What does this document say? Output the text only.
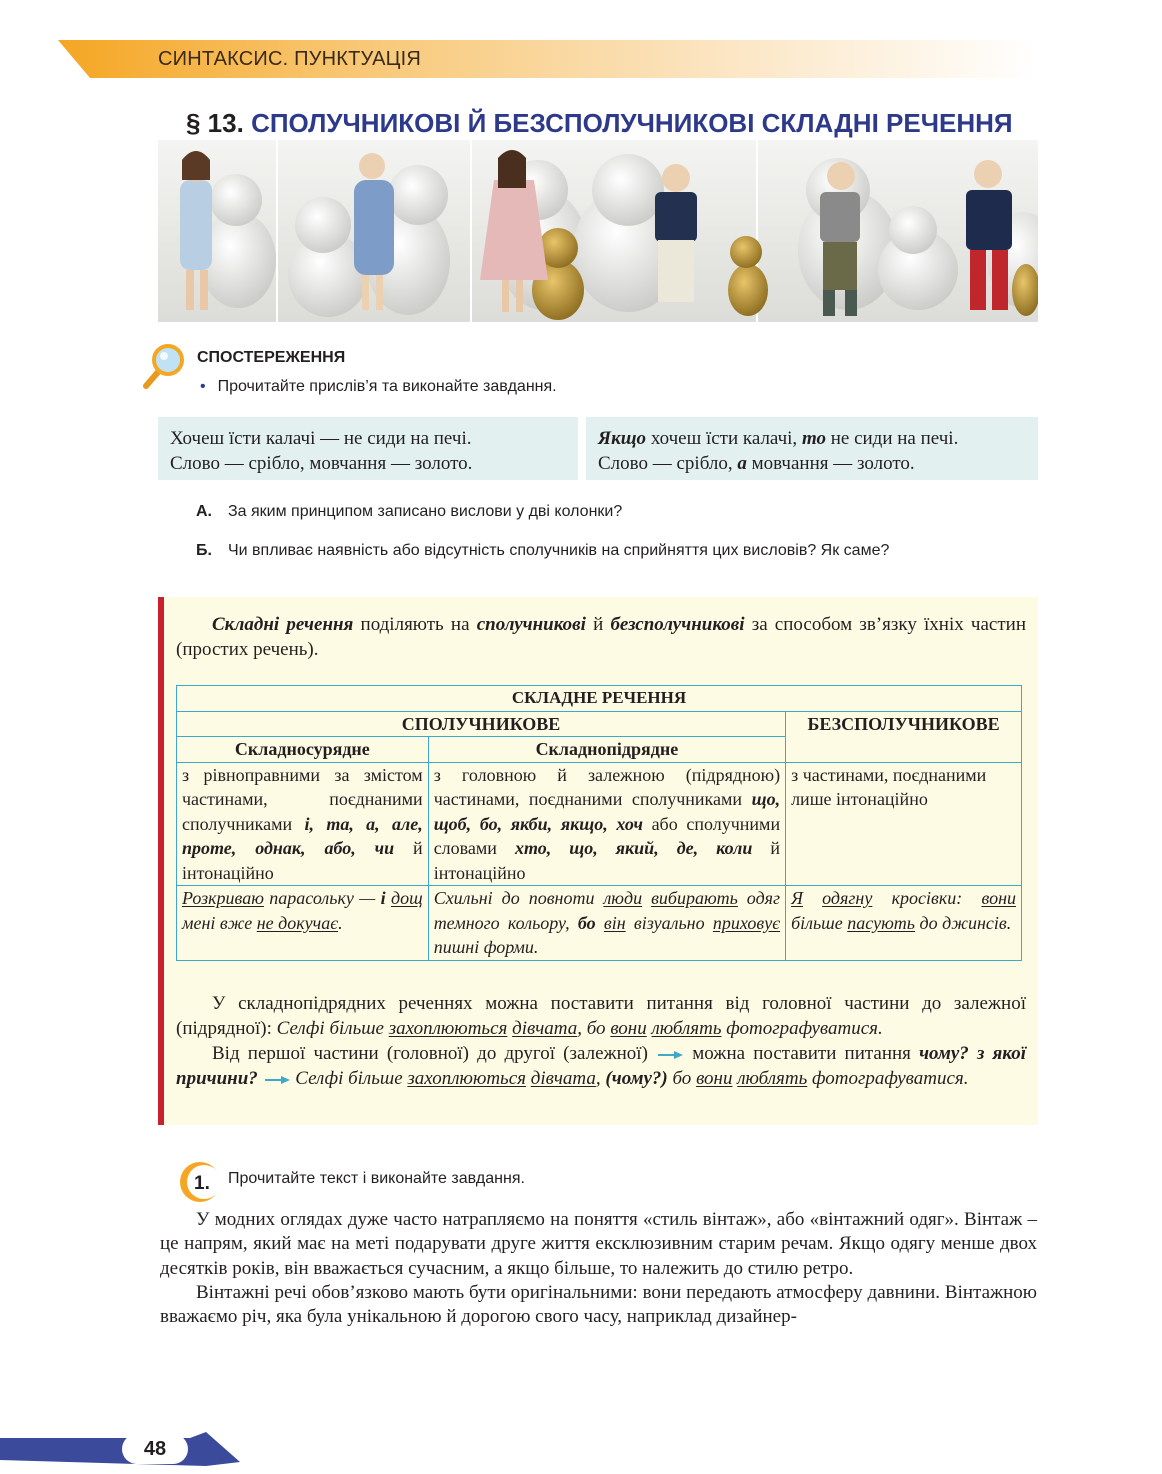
СИНТАКСИС. ПУНКТУАЦІЯ
§ 13. СПОЛУЧНИКОВІ Й БЕЗСПОЛУЧНИКОВІ СКЛАДНІ РЕЧЕННЯ
СПОСТЕРЕЖЕННЯ
• Прочитайте прислів’я та виконайте завдання.
Хочеш їсти калачі — не сиди на печі.
Слово — срібло, мовчання — золото.
Якщо хочеш їсти калачі, то не сиди на печі.
Слово — срібло, а мовчання — золото.
А. За яким принципом записано вислови у дві колонки?
Б. Чи впливає наявність або відсутність сполучників на сприйняття цих висловів? Як саме?
Складні речення поділяють на сполучникові й безсполучникові за способом зв’язку їхніх частин (простих речень).
СКЛАДНЕ РЕЧЕННЯ		
СПОЛУЧНИКОВЕ		БЕЗСПОЛУЧНИКОВЕ
Складносурядне	Складнопідрядне	
з рівноправними за змістом частинами, поєднаними сполучниками і, та, а, але, проте, однак, або, чи й інтонаційно	з головною й залежною (підрядною) частинами, поєднаними сполучниками що, щоб, бо, якби, якщо, хоч або сполучними словами хто, що, який, де, коли й інтонаційно	з частинами, поєднаними лише інтонаційно
Розкриваю парасольку — і дощ мені вже не докучає.	Схильні до повноти люди вибирають одяг темного кольору, бо він візуально приховує пишні форми.	Я одягну кросівки: вони більше пасують до джинсів.
У складнопідрядних реченнях можна поставити питання від головної частини до залежної (підрядної): Селфі більше захоплюються дівчата, бо вони люблять фотографуватися.
Від першої частини (головної) до другої (залежної)  можна поставити питання чому? з якої причини?  Селфі більше захоплюються дівчата, (чому?) бо вони люблять фотографуватися.
1. Прочитайте текст і виконайте завдання.

У модних оглядах дуже часто натрапляємо на поняття «стиль вінтаж», або «вінтажний одяг». Вінтаж – це напрям, який має на меті подарувати друге життя ексклюзивним старим речам. Якщо одягу менше двох десятків років, він вважається сучасним, а якщо більше, то належить до стилю ретро.

Вінтажні речі обов’язково мають бути оригінальними: вони передають атмосферу давнини. Вінтажною вважаємо річ, яка була унікальною й дорогою свого часу, наприклад дизайнер-

48
